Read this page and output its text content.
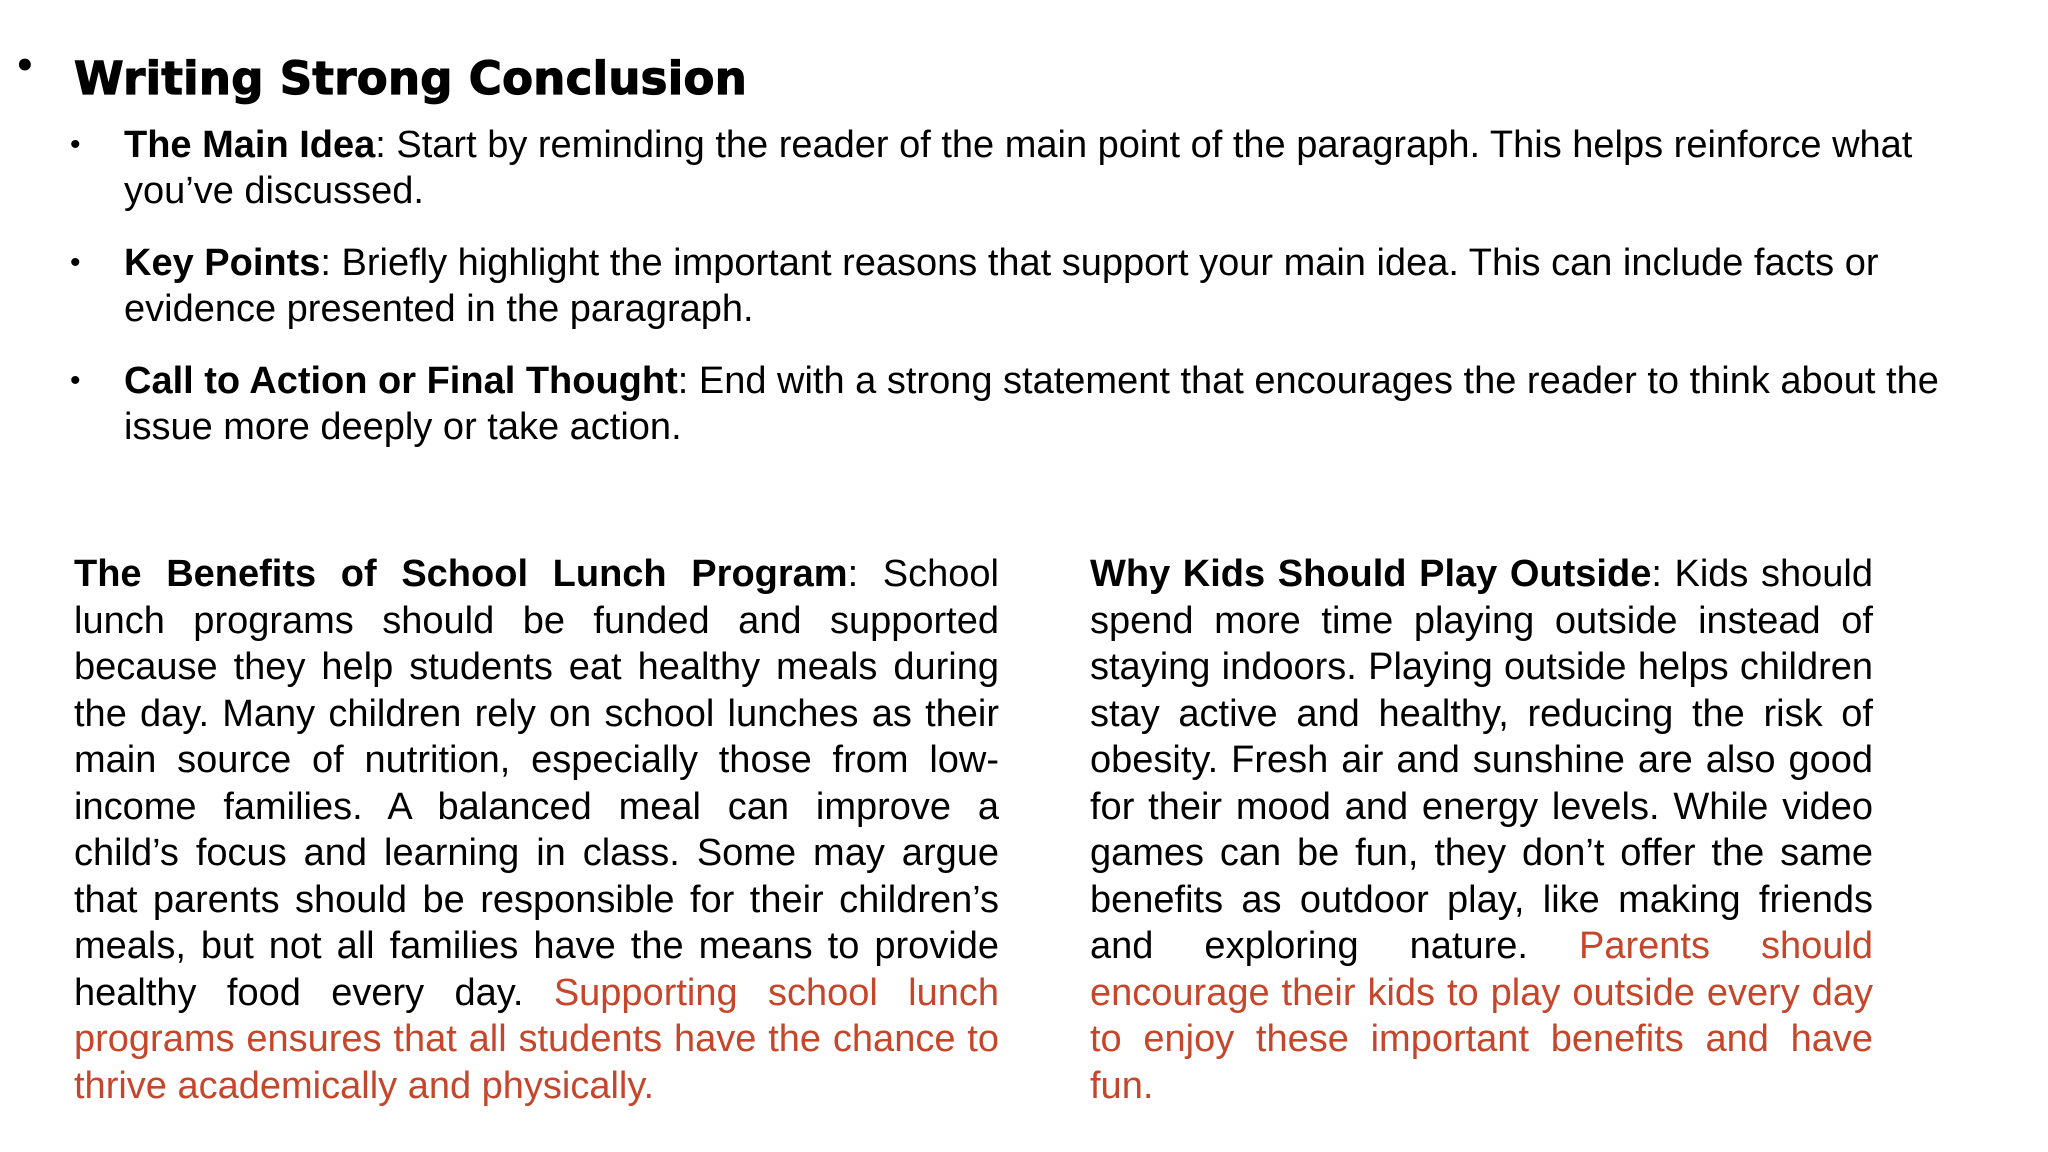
• Writing Strong Conclusion
• The Main Idea: Start by reminding the reader of the main point of the paragraph. This helps reinforce what you’ve discussed.
• Key Points: Briefly highlight the important reasons that support your main idea. This can include facts or evidence presented in the paragraph.
• Call to Action or Final Thought: End with a strong statement that encourages the reader to think about the issue more deeply or take action.

The Benefits of School Lunch Program: School lunch programs should be funded and supported because they help students eat healthy meals during the day. Many children rely on school lunches as their main source of nutrition, especially those from low-income families. A balanced meal can improve a child’s focus and learning in class. Some may argue that parents should be responsible for their children’s meals, but not all families have the means to provide healthy food every day. Supporting school lunch programs ensures that all students have the chance to thrive academically and physically.

Why Kids Should Play Outside: Kids should spend more time playing outside instead of staying indoors. Playing outside helps children stay active and healthy, reducing the risk of obesity. Fresh air and sunshine are also good for their mood and energy levels. While video games can be fun, they don’t offer the same benefits as outdoor play, like making friends and exploring nature. Parents should encourage their kids to play outside every day to enjoy these important benefits and have fun.
